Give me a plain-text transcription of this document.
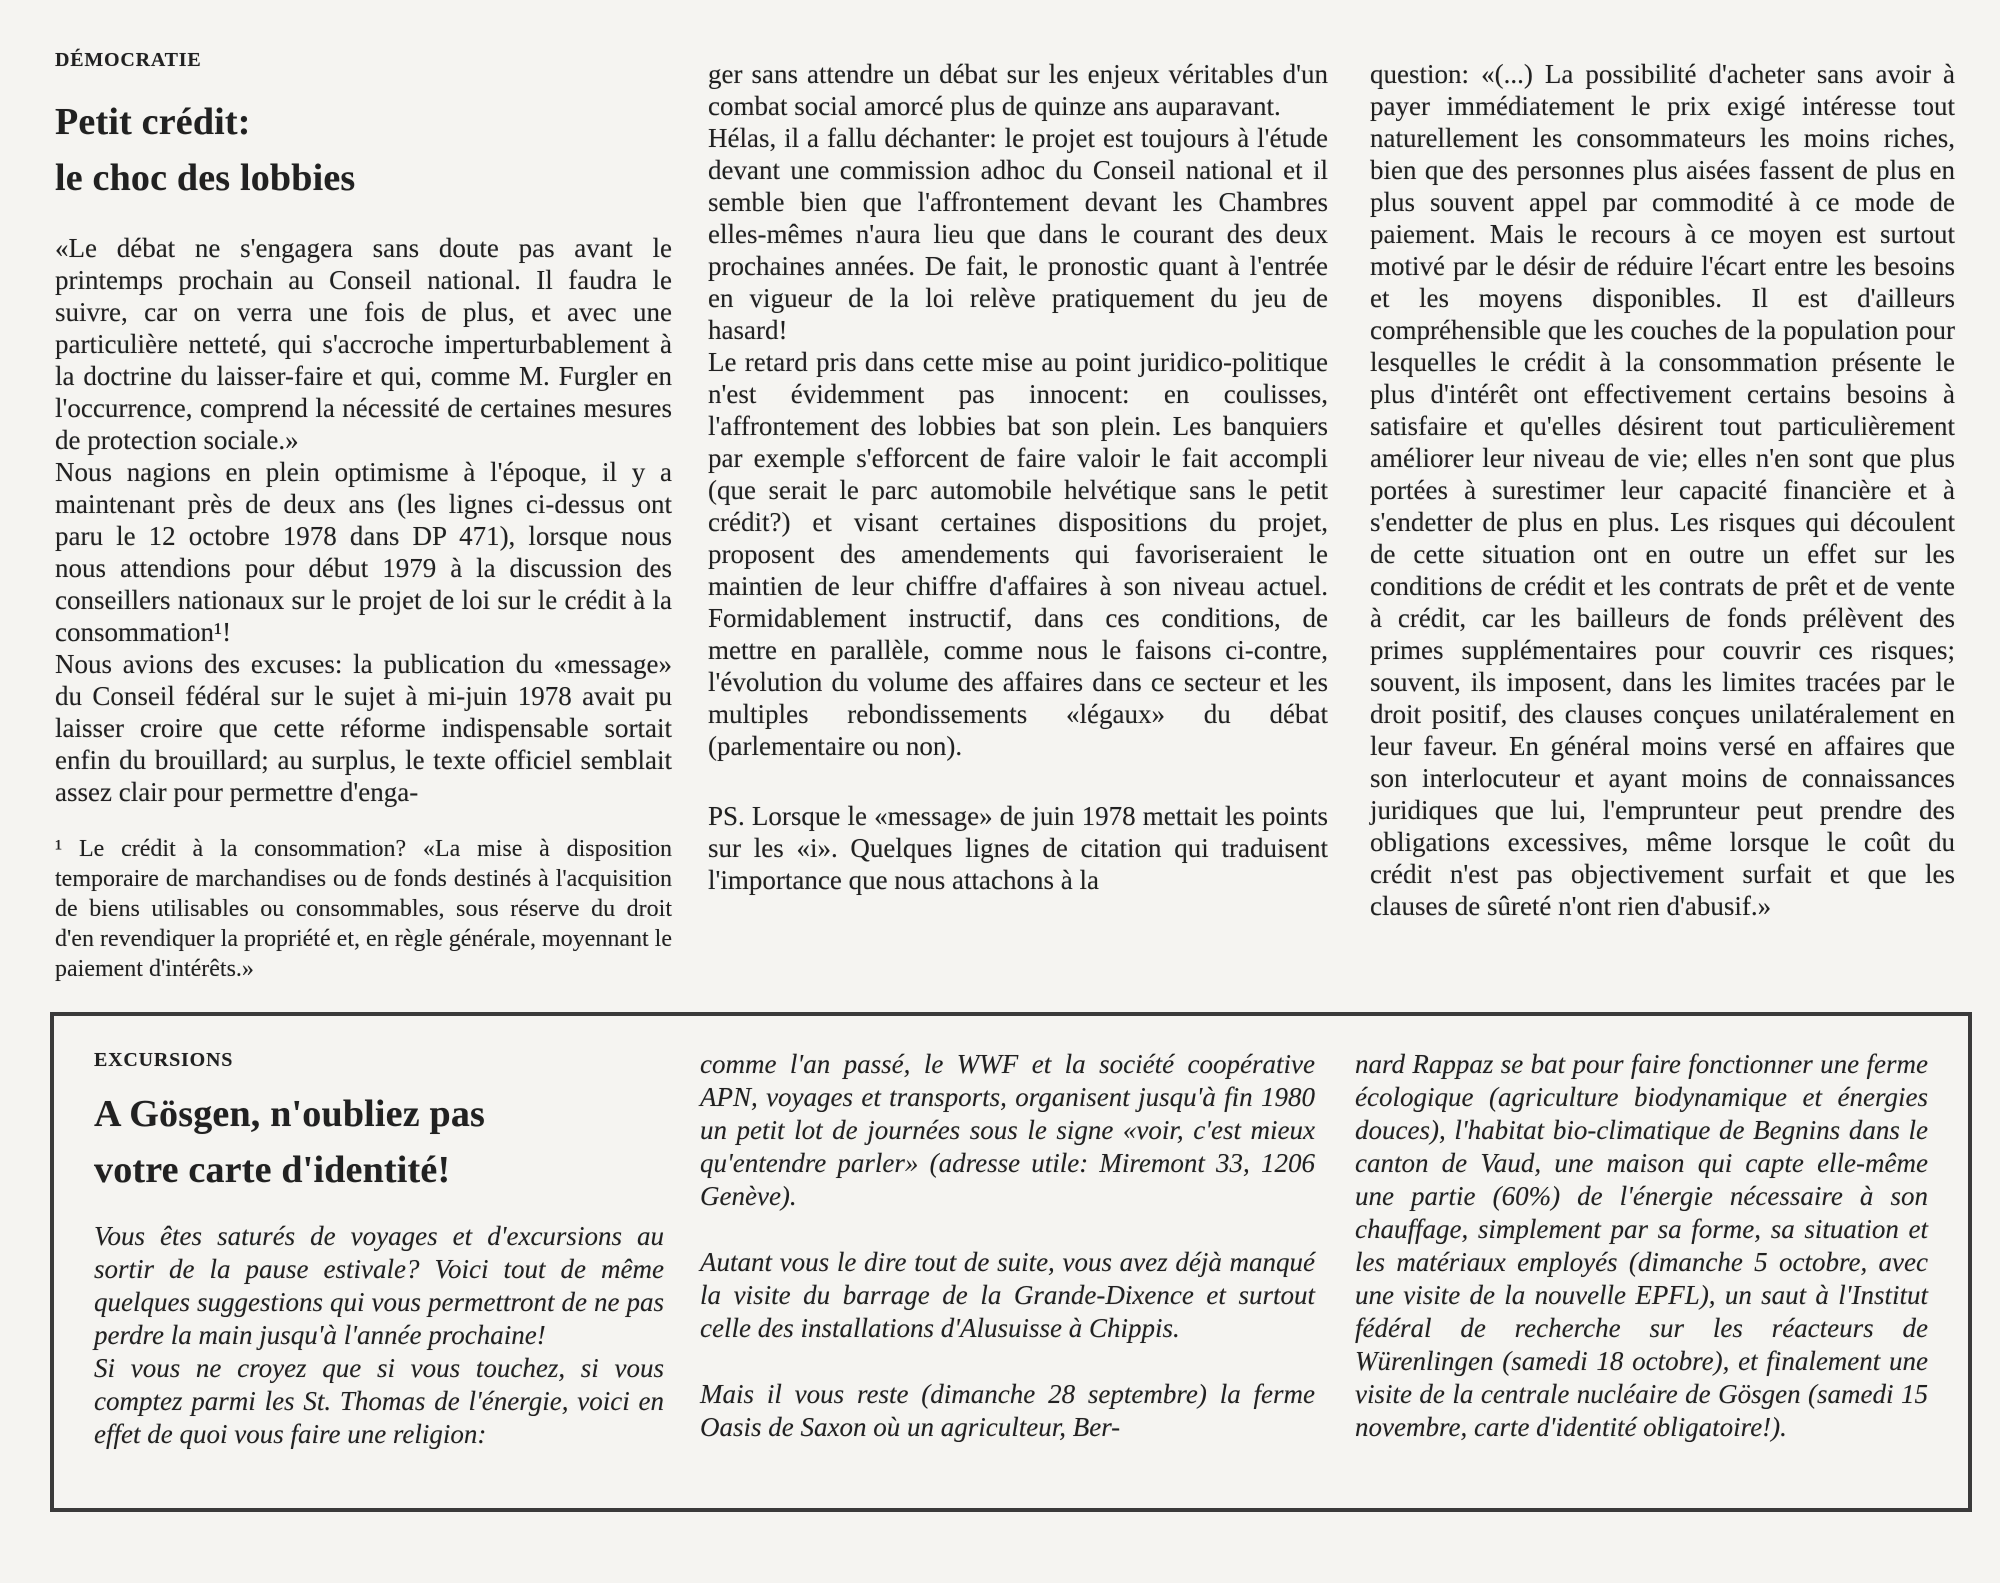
DÉMOCRATIE
Petit crédit:
le choc des lobbies

«Le débat ne s'engagera sans doute pas avant le printemps prochain au Conseil national. Il faudra le suivre, car on verra une fois de plus, et avec une particulière netteté, qui s'accroche imperturbablement à la doctrine du laisser-faire et qui, comme M. Furgler en l'occurrence, comprend la nécessité de certaines mesures de protection sociale.»

Nous nagions en plein optimisme à l'époque, il y a maintenant près de deux ans (les lignes ci-dessus ont paru le 12 octobre 1978 dans DP 471), lorsque nous nous attendions pour début 1979 à la discussion des conseillers nationaux sur le projet de loi sur le crédit à la consommation¹!

Nous avions des excuses: la publication du «message» du Conseil fédéral sur le sujet à mi-juin 1978 avait pu laisser croire que cette réforme indispensable sortait enfin du brouillard; au surplus, le texte officiel semblait assez clair pour permettre d'enga-

¹ Le crédit à la consommation? «La mise à disposition temporaire de marchandises ou de fonds destinés à l'acquisition de biens utilisables ou consommables, sous réserve du droit d'en revendiquer la propriété et, en règle générale, moyennant le paiement d'intérêts.»

ger sans attendre un débat sur les enjeux véritables d'un combat social amorcé plus de quinze ans auparavant.

Hélas, il a fallu déchanter: le projet est toujours à l'étude devant une commission adhoc du Conseil national et il semble bien que l'affrontement devant les Chambres elles-mêmes n'aura lieu que dans le courant des deux prochaines années. De fait, le pronostic quant à l'entrée en vigueur de la loi relève pratiquement du jeu de hasard!

Le retard pris dans cette mise au point juridico-politique n'est évidemment pas innocent: en coulisses, l'affrontement des lobbies bat son plein. Les banquiers par exemple s'efforcent de faire valoir le fait accompli (que serait le parc automobile helvétique sans le petit crédit?) et visant certaines dispositions du projet, proposent des amendements qui favoriseraient le maintien de leur chiffre d'affaires à son niveau actuel. Formidablement instructif, dans ces conditions, de mettre en parallèle, comme nous le faisons ci-contre, l'évolution du volume des affaires dans ce secteur et les multiples rebondissements «légaux» du débat (parlementaire ou non).

PS. Lorsque le «message» de juin 1978 mettait les points sur les «i». Quelques lignes de citation qui traduisent l'importance que nous attachons à la

question: «(...) La possibilité d'acheter sans avoir à payer immédiatement le prix exigé intéresse tout naturellement les consommateurs les moins riches, bien que des personnes plus aisées fassent de plus en plus souvent appel par commodité à ce mode de paiement. Mais le recours à ce moyen est surtout motivé par le désir de réduire l'écart entre les besoins et les moyens disponibles. Il est d'ailleurs compréhensible que les couches de la population pour lesquelles le crédit à la consommation présente le plus d'intérêt ont effectivement certains besoins à satisfaire et qu'elles désirent tout particulièrement améliorer leur niveau de vie; elles n'en sont que plus portées à surestimer leur capacité financière et à s'endetter de plus en plus. Les risques qui découlent de cette situation ont en outre un effet sur les conditions de crédit et les contrats de prêt et de vente à crédit, car les bailleurs de fonds prélèvent des primes supplémentaires pour couvrir ces risques; souvent, ils imposent, dans les limites tracées par le droit positif, des clauses conçues unilatéralement en leur faveur. En général moins versé en affaires que son interlocuteur et ayant moins de connaissances juridiques que lui, l'emprunteur peut prendre des obligations excessives, même lorsque le coût du crédit n'est pas objectivement surfait et que les clauses de sûreté n'ont rien d'abusif.»

EXCURSIONS
A Gösgen, n'oubliez pas
votre carte d'identité!

Vous êtes saturés de voyages et d'excursions au sortir de la pause estivale? Voici tout de même quelques suggestions qui vous permettront de ne pas perdre la main jusqu'à l'année prochaine!

Si vous ne croyez que si vous touchez, si vous comptez parmi les St. Thomas de l'énergie, voici en effet de quoi vous faire une religion:

comme l'an passé, le WWF et la société coopérative APN, voyages et transports, organisent jusqu'à fin 1980 un petit lot de journées sous le signe «voir, c'est mieux qu'entendre parler» (adresse utile: Miremont 33, 1206 Genève).

Autant vous le dire tout de suite, vous avez déjà manqué la visite du barrage de la Grande-Dixence et surtout celle des installations d'Alusuisse à Chippis.

Mais il vous reste (dimanche 28 septembre) la ferme Oasis de Saxon où un agriculteur, Ber-

nard Rappaz se bat pour faire fonctionner une ferme écologique (agriculture biodynamique et énergies douces), l'habitat bio-climatique de Begnins dans le canton de Vaud, une maison qui capte elle-même une partie (60%) de l'énergie nécessaire à son chauffage, simplement par sa forme, sa situation et les matériaux employés (dimanche 5 octobre, avec une visite de la nouvelle EPFL), un saut à l'Institut fédéral de recherche sur les réacteurs de Würenlingen (samedi 18 octobre), et finalement une visite de la centrale nucléaire de Gösgen (samedi 15 novembre, carte d'identité obligatoire!).
